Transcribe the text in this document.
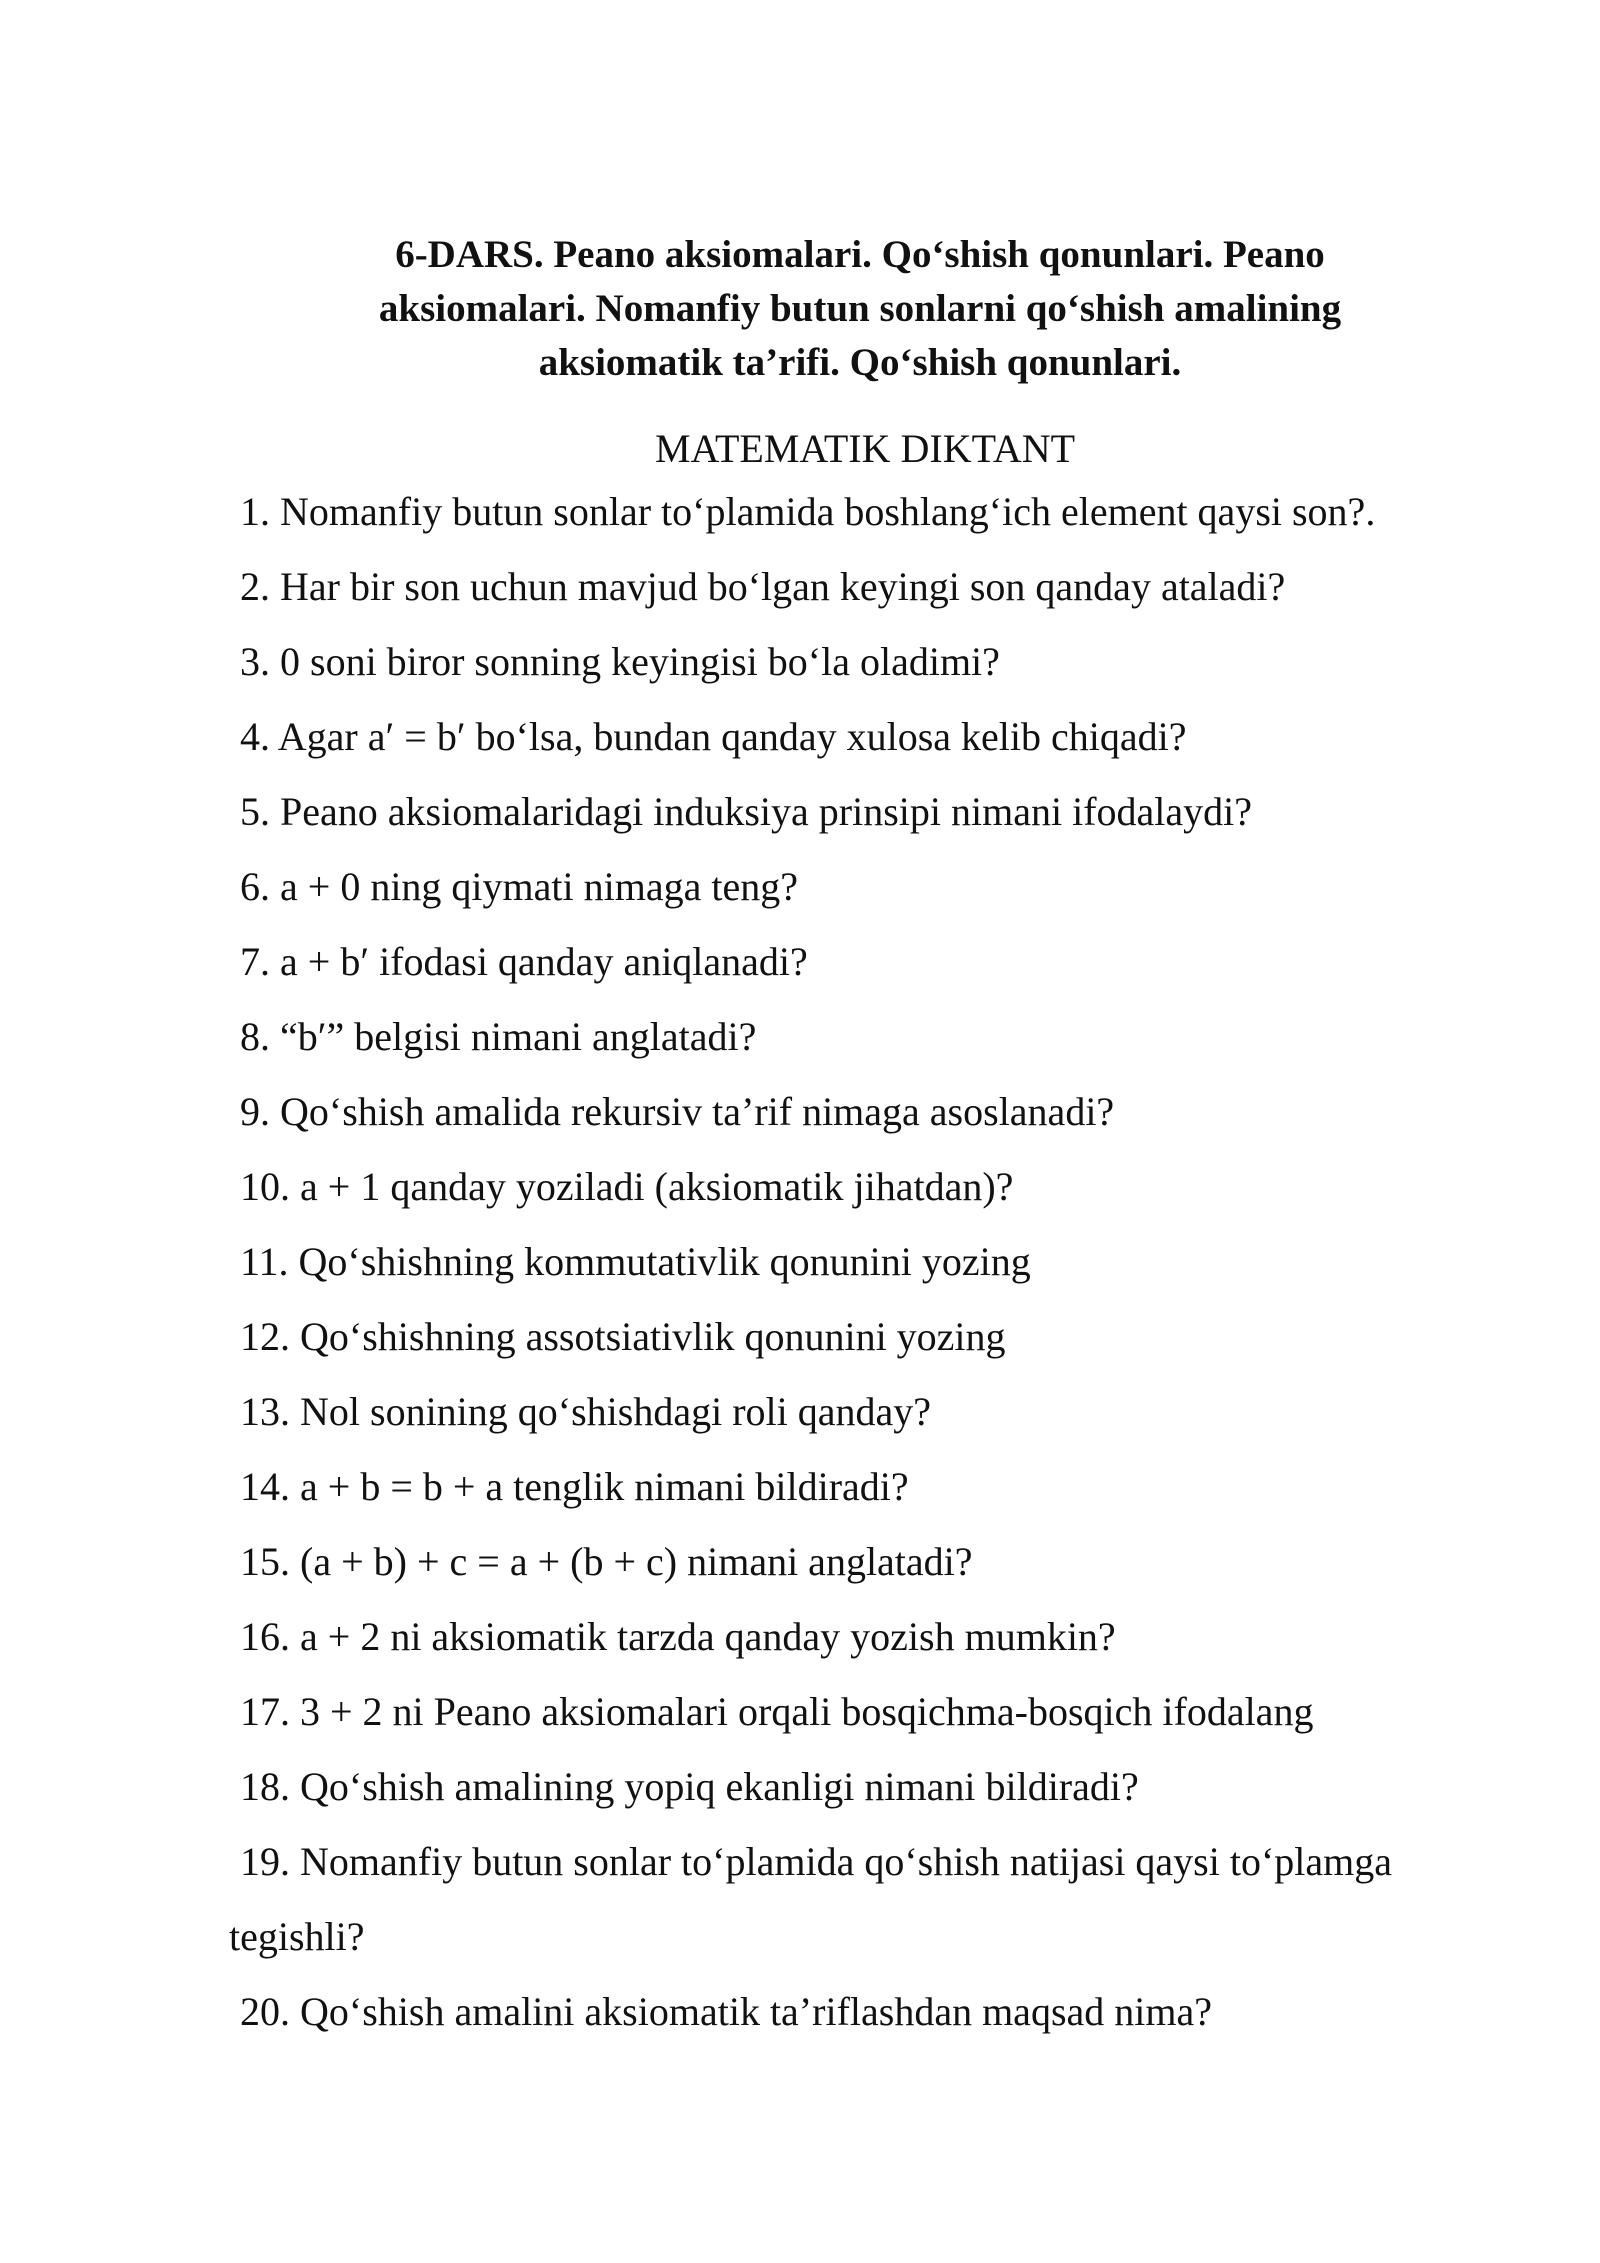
6-DARS. Peano aksiomalari. Qo‘shish qonunlari. Peano
aksiomalari. Nomanfiy butun sonlarni qo‘shish amalining
aksiomatik ta’rifi. Qo‘shish qonunlari.

MATEMATIK DIKTANT

1. Nomanfiy butun sonlar to‘plamida boshlang‘ich element qaysi son?.
2. Har bir son uchun mavjud bo‘lgan keyingi son qanday ataladi?
3. 0 soni biror sonning keyingisi bo‘la oladimi?
4. Agar a′ = b′ bo‘lsa, bundan qanday xulosa kelib chiqadi?
5. Peano aksiomalaridagi induksiya prinsipi nimani ifodalaydi?
6. a + 0 ning qiymati nimaga teng?
7. a + b′ ifodasi qanday aniqlanadi?
8. “b′” belgisi nimani anglatadi?
9. Qo‘shish amalida rekursiv ta’rif nimaga asoslanadi?
10. a + 1 qanday yoziladi (aksiomatik jihatdan)?
11. Qo‘shishning kommutativlik qonunini yozing
12. Qo‘shishning assotsiativlik qonunini yozing
13. Nol sonining qo‘shishdagi roli qanday?
14. a + b = b + a tenglik nimani bildiradi?
15. (a + b) + c = a + (b + c) nimani anglatadi?
16. a + 2 ni aksiomatik tarzda qanday yozish mumkin?
17. 3 + 2 ni Peano aksiomalari orqali bosqichma-bosqich ifodalang
18. Qo‘shish amalining yopiq ekanligi nimani bildiradi?
19. Nomanfiy butun sonlar to‘plamida qo‘shish natijasi qaysi to‘plamga
tegishli?
20. Qo‘shish amalini aksiomatik ta’riflashdan maqsad nima?
